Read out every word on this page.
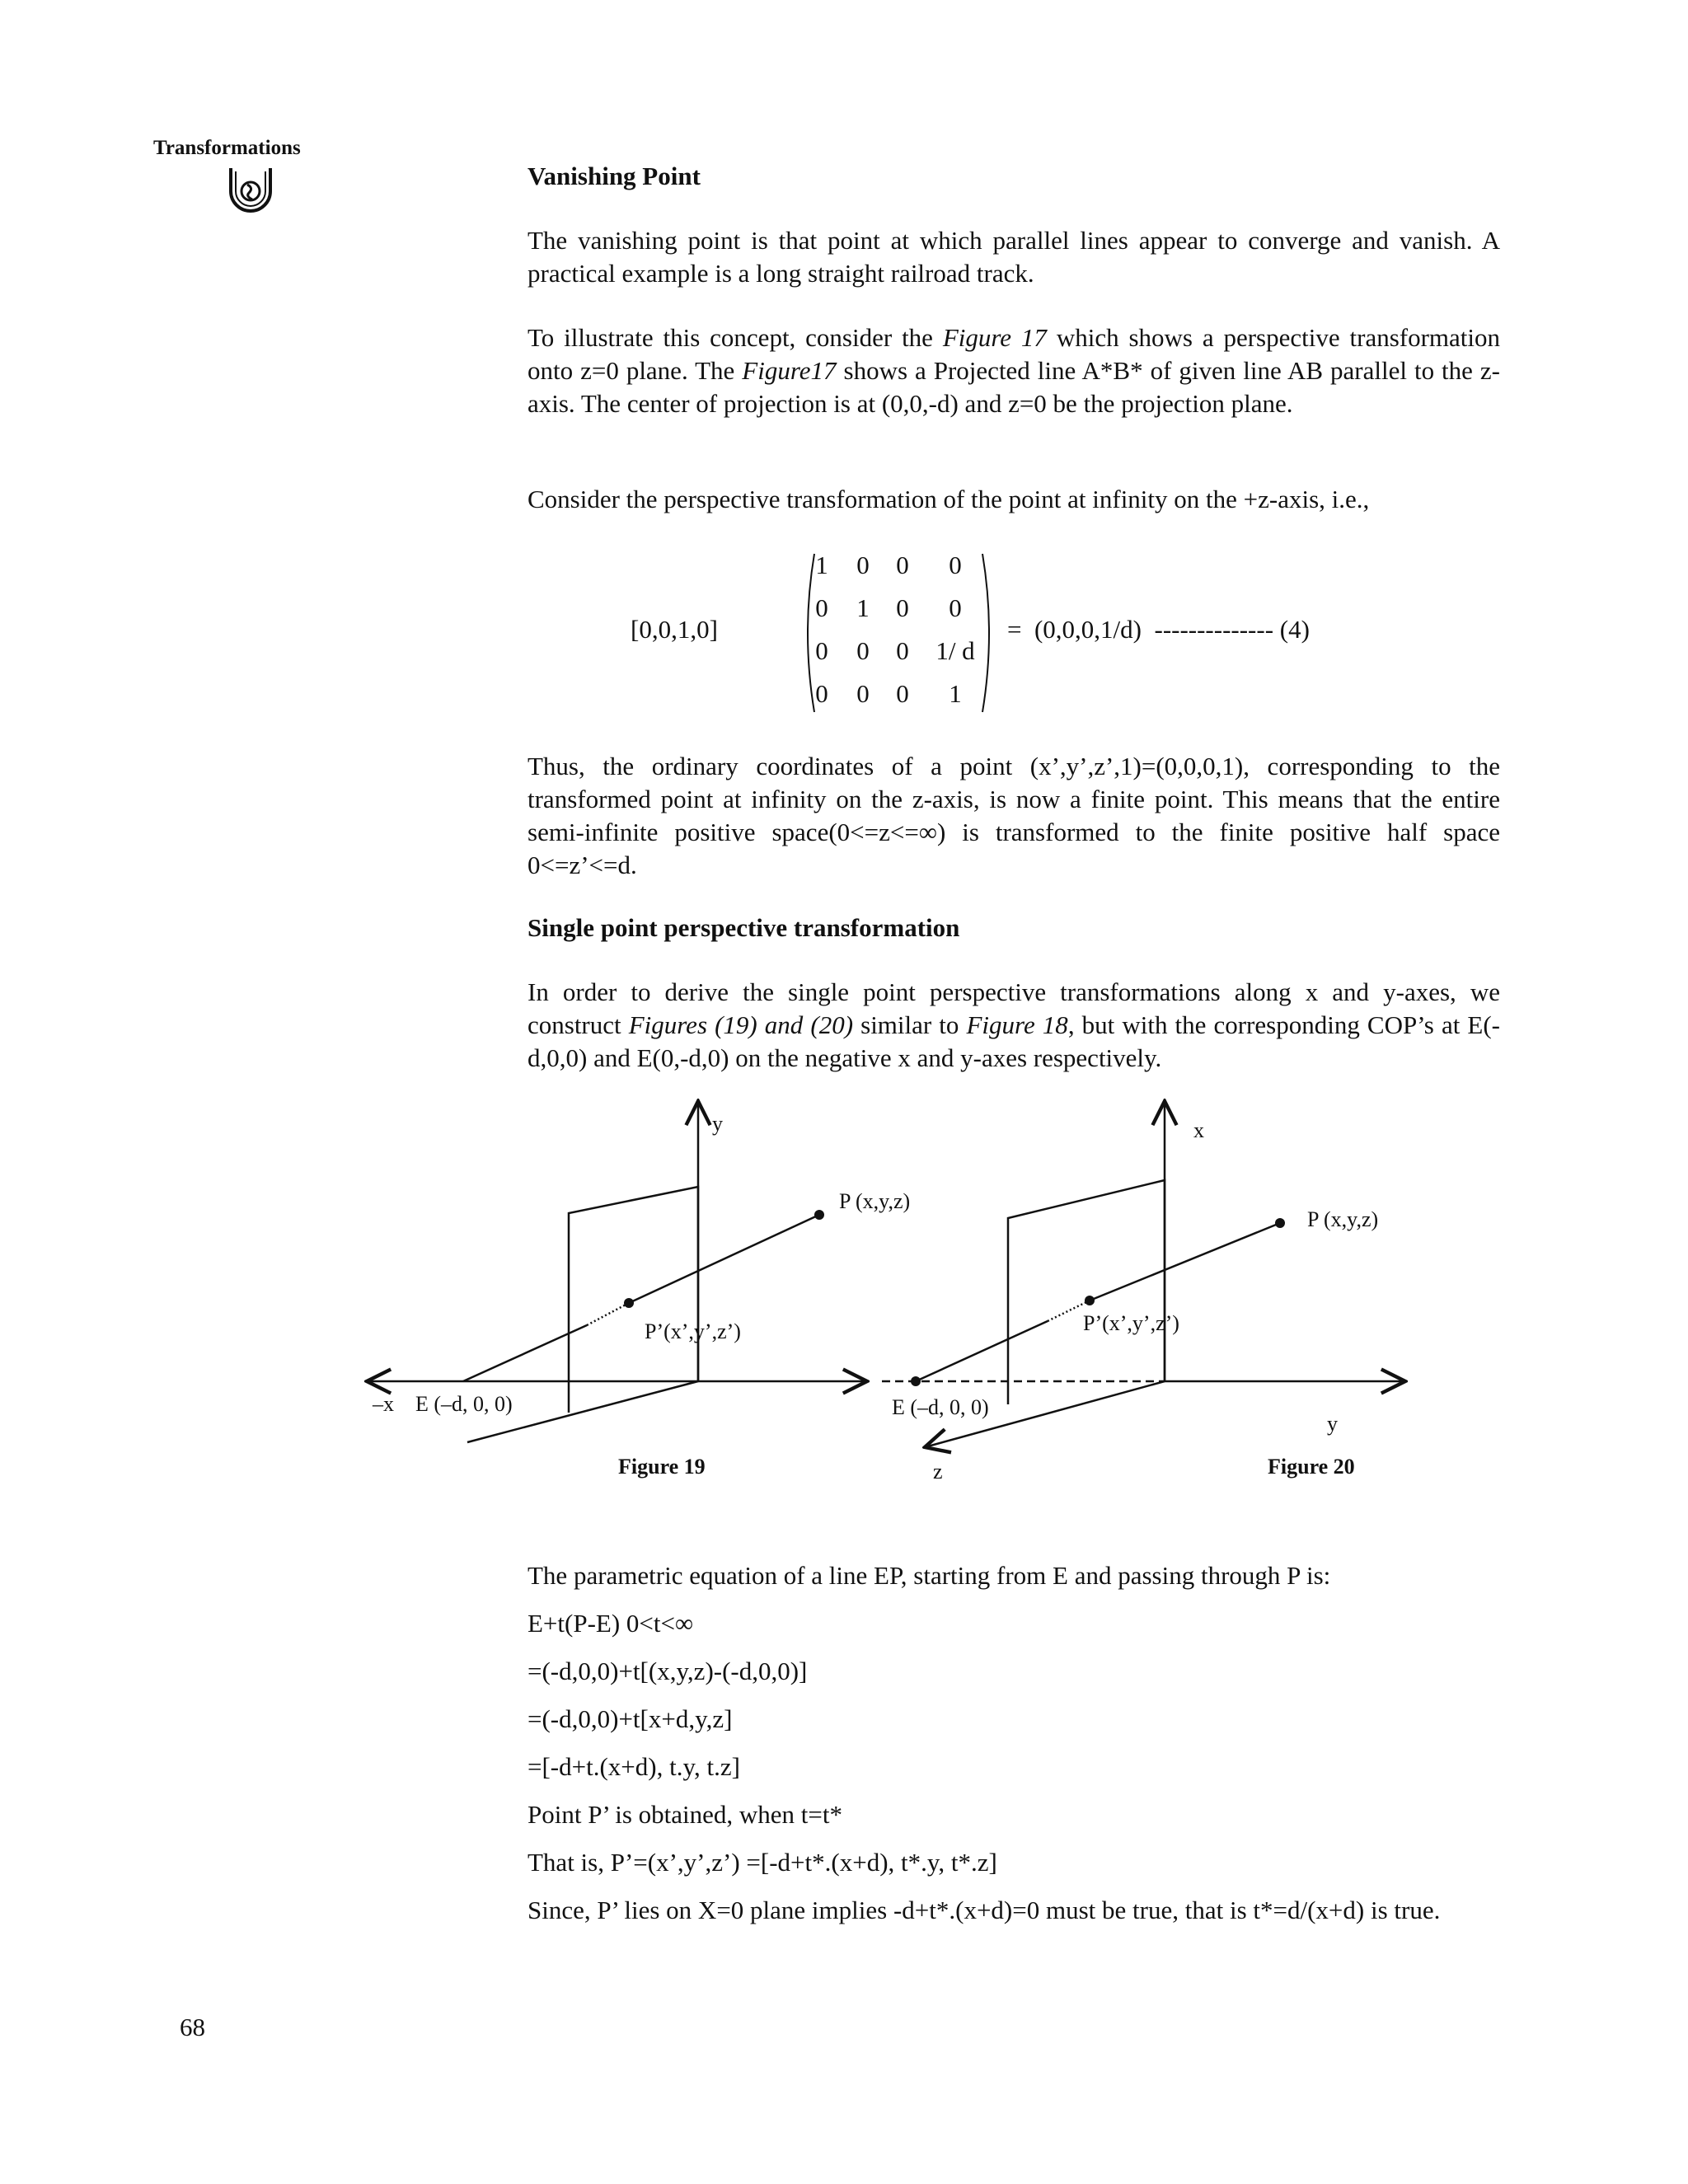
Transformations
Vanishing Point

The vanishing point is that point at which parallel lines appear to converge and vanish. A practical example is a long straight railroad track.

To illustrate this concept, consider the Figure 17 which shows a perspective transformation onto z=0 plane. The Figure17 shows a Projected line A*B* of given line AB parallel to the z-axis. The center of projection is at (0,0,-d) and z=0 be the projection plane.

Consider the perspective transformation of the point at infinity on the +z-axis, i.e.,

[0,0,1,0]
1	0	0	0
0	1	0	0
0	0	0	1/ d
0	0	0	1
=  (0,0,0,1/d)  -------------- (4)

Thus, the ordinary coordinates of a point (x’,y’,z’,1)=(0,0,0,1), corresponding to the transformed point at infinity on the z-axis, is now a finite point. This means that the entire semi-infinite positive space(0<=z<=∞) is transformed to the finite positive half space 0<=z’<=d.

Single point perspective transformation

In order to derive the single point perspective transformations along x and y-axes, we construct Figures (19) and (20) similar to Figure 18, but with the corresponding COP’s at E(-d,0,0) and E(0,-d,0) on the negative x and y-axes respectively.

y
P (x,y,z)
P’(x’,y’,z’)
–x E (–d, 0, 0)
Figure 19
x
P (x,y,z)
P’(x’,y’,z’)
E (–d, 0, 0)
y
z	Figure 20

The parametric equation of a line EP, starting from E and passing through P is:

E+t(P-E) 0<t<∞
=(-d,0,0)+t[(x,y,z)-(-d,0,0)]
=(-d,0,0)+t[x+d,y,z]
=[-d+t.(x+d), t.y, t.z]
Point P’ is obtained, when t=t*
That is, P’=(x’,y’,z’) =[-d+t*.(x+d), t*.y, t*.z]

Since, P’ lies on X=0 plane implies -d+t*.(x+d)=0 must be true, that is t*=d/(x+d) is true.

68
